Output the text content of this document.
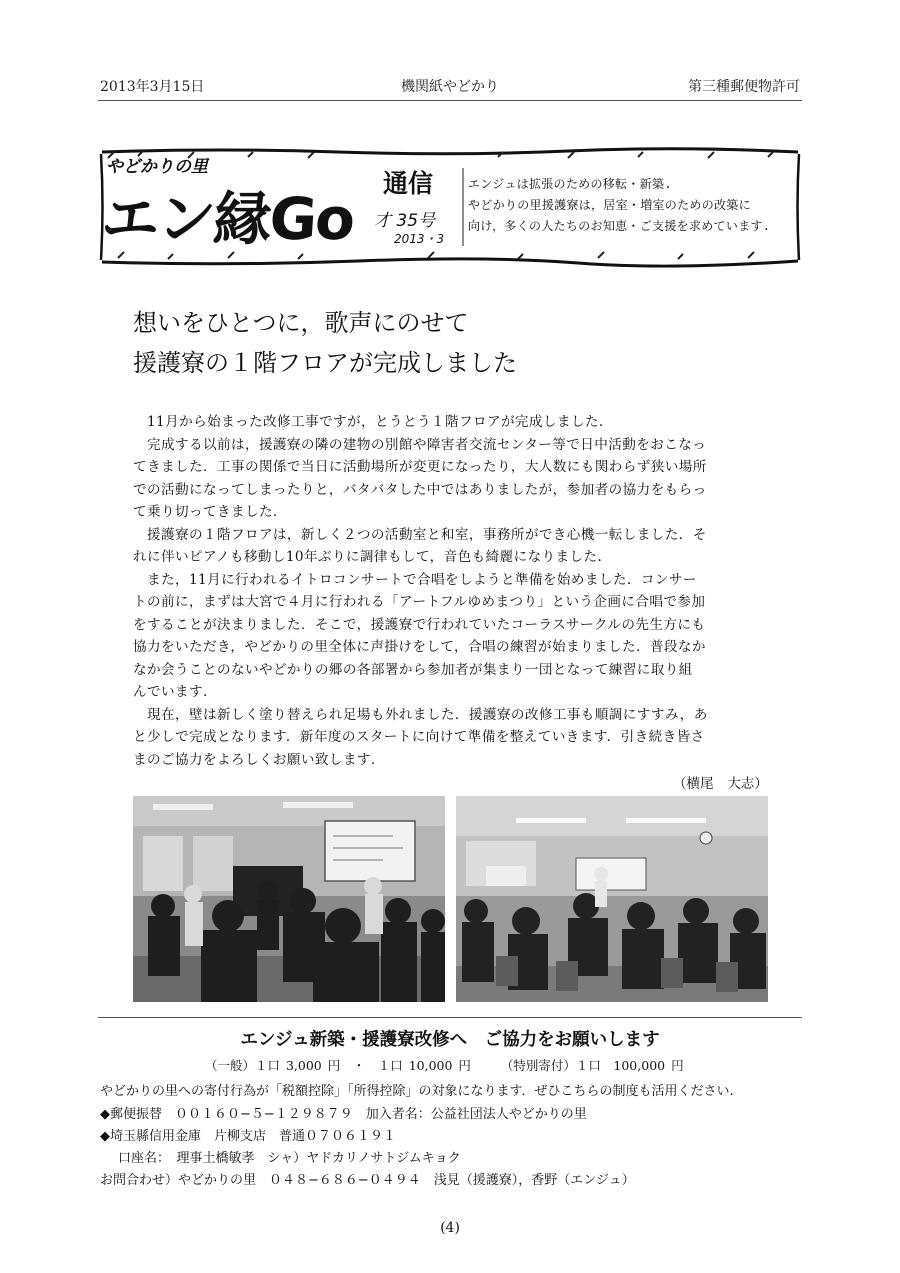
2013年3月15日	機関紙やどかり	第三種郵便物許可
やどかりの里
エン縁Go
通信
才 35号
2013・3
エンジュは拡張のための移転・新築.
やどかりの里援護寮は，居室・増室のための改築に
向け，多くの人たちのお知恵・ご支援を求めています.
想いをひとつに，歌声にのせて
援護寮の１階フロアが完成しました
　11月から始まった改修工事ですが，とうとう１階フロアが完成しました.
　完成する以前は，援護寮の隣の建物の別館や障害者交流センター等で日中活動をおこなっ
てきました．工事の関係で当日に活動場所が変更になったり，大人数にも関わらず狭い場所
での活動になってしまったりと，バタバタした中ではありましたが，参加者の協力をもらっ
て乗り切ってきました.
　援護寮の１階フロアは，新しく２つの活動室と和室，事務所ができ心機一転しました．そ
れに伴いピアノも移動し10年ぶりに調律もして，音色も綺麗になりました.
　また，11月に行われるイトロコンサートで合唱をしようと準備を始めました．コンサー
トの前に，まずは大宮で４月に行われる「アートフルゆめまつり」という企画に合唱で参加
をすることが決まりました．そこで，援護寮で行われていたコーラスサークルの先生方にも
協力をいただき，やどかりの里全体に声掛けをして，合唱の練習が始まりました．普段なか
なか会うことのないやどかりの郷の各部署から参加者が集まり一団となって練習に取り組
んでいます.
　現在，壁は新しく塗り替えられ足場も外れました．援護寮の改修工事も順調にすすみ，あ
と少しで完成となります．新年度のスタートに向けて準備を整えていきます．引き続き皆さ
まのご協力をよろしくお願い致します.
（横尾　大志）
エンジュ新築・援護寮改修へ　ご協力をお願いします
（一般）１口 3,000 円　・　１口 10,000 円 （特別寄付）１口　100,000 円
やどかりの里への寄付行為が「税額控除」「所得控除」の対象になります．ぜひこちらの制度も活用ください.
◆郵便振替　００１６０−５−１２９８７９　加入者名：公益社団法人やどかりの里
◆埼玉縣信用金庫　片柳支店　普通０７０６１９１
口座名：　理事土橋敏孝　シャ）ヤドカリノサトジムキョク
お問合わせ）やどかりの里　０４８−６８６−０４９４　浅見（援護寮），香野（エンジュ）
(4)
